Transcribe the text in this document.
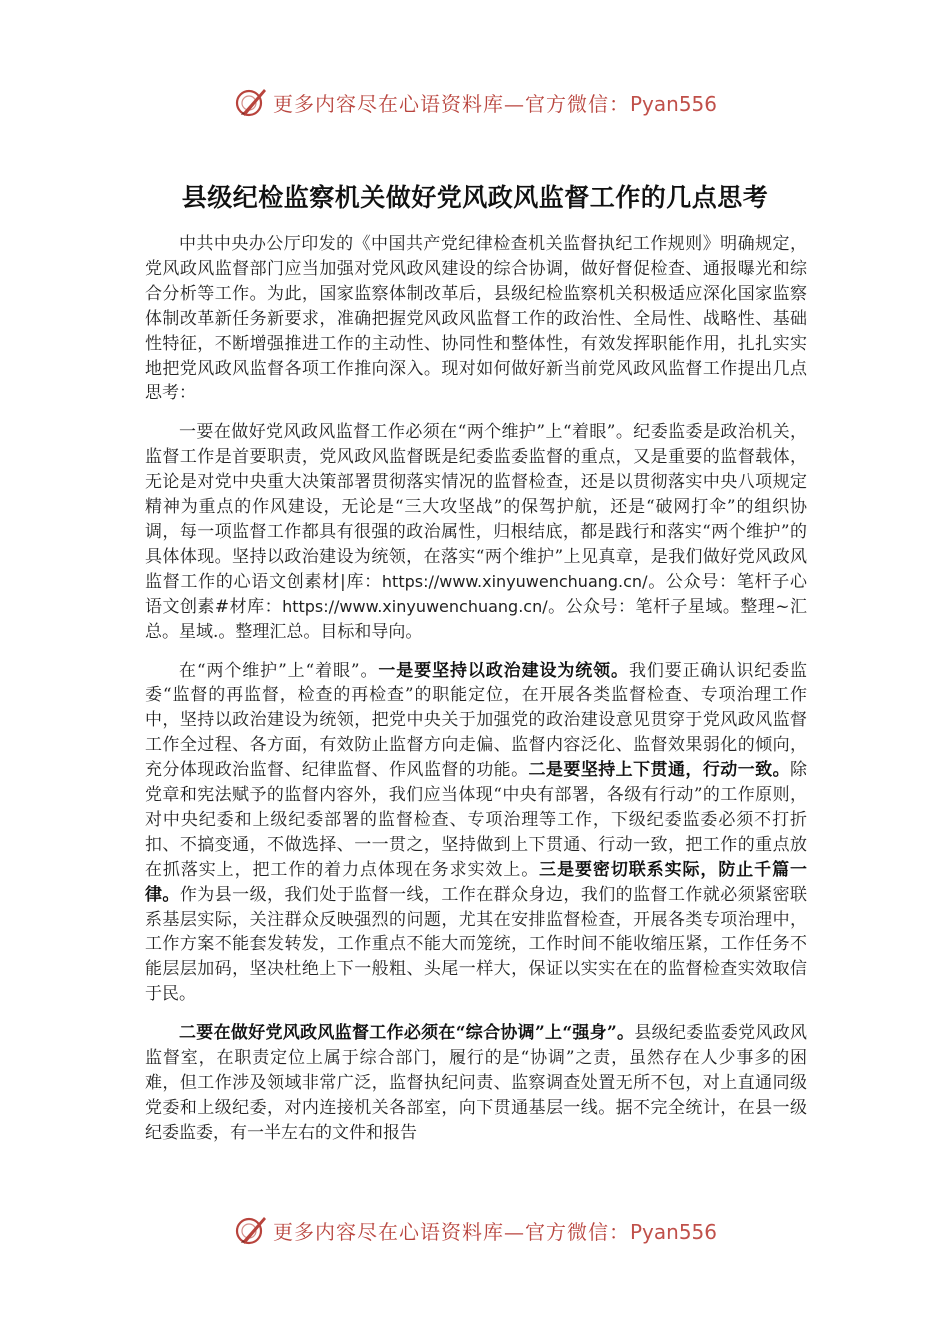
更多内容尽在心语资料库—官方微信：Pyan556
县级纪检监察机关做好党风政风监督工作的几点思考

中共中央办公厅印发的《中国共产党纪律检查机关监督执纪工作规则》明确规定，党风政风监督部门应当加强对党风政风建设的综合协调，做好督促检查、通报曝光和综合分析等工作。为此，国家监察体制改革后，县级纪检监察机关积极适应深化国家监察体制改革新任务新要求，准确把握党风政风监督工作的政治性、全局性、战略性、基础性特征，不断增强推进工作的主动性、协同性和整体性，有效发挥职能作用，扎扎实实地把党风政风监督各项工作推向深入。现对如何做好新当前党风政风监督工作提出几点思考：

一要在做好党风政风监督工作必须在“两个维护”上“着眼”。纪委监委是政治机关，监督工作是首要职责，党风政风监督既是纪委监委监督的重点，又是重要的监督载体，无论是对党中央重大决策部署贯彻落实情况的监督检查，还是以贯彻落实中央八项规定精神为重点的作风建设，无论是“三大攻坚战”的保驾护航，还是“破网打伞”的组织协调，每一项监督工作都具有很强的政治属性，归根结底，都是践行和落实“两个维护”的具体体现。坚持以政治建设为统领，在落实“两个维护”上见真章，是我们做好党风政风监督工作的心语文创素材|库：https://www.xinyuwenchuang.cn/。公众号：笔杆子心语文创素#材库：https://www.xinyuwenchuang.cn/。公众号：笔杆子星域。整理~汇总。星域.。整理汇总。目标和导向。

在“两个维护”上“着眼”。一是要坚持以政治建设为统领。我们要正确认识纪委监委“监督的再监督，检查的再检查”的职能定位，在开展各类监督检查、专项治理工作中，坚持以政治建设为统领，把党中央关于加强党的政治建设意见贯穿于党风政风监督工作全过程、各方面，有效防止监督方向走偏、监督内容泛化、监督效果弱化的倾向，充分体现政治监督、纪律监督、作风监督的功能。二是要坚持上下贯通，行动一致。除党章和宪法赋予的监督内容外，我们应当体现“中央有部署，各级有行动”的工作原则，对中央纪委和上级纪委部署的监督检查、专项治理等工作，下级纪委监委必须不打折扣、不搞变通，不做选择、一一贯之，坚持做到上下贯通、行动一致，把工作的重点放在抓落实上，把工作的着力点体现在务求实效上。三是要密切联系实际，防止千篇一律。作为县一级，我们处于监督一线，工作在群众身边，我们的监督工作就必须紧密联系基层实际，关注群众反映强烈的问题，尤其在安排监督检查，开展各类专项治理中，工作方案不能套发转发，工作重点不能大而笼统，工作时间不能收缩压紧，工作任务不能层层加码，坚决杜绝上下一般粗、头尾一样大，保证以实实在在的监督检查实效取信于民。

二要在做好党风政风监督工作必须在“综合协调”上“强身”。县级纪委监委党风政风监督室，在职责定位上属于综合部门，履行的是“协调”之责，虽然存在人少事多的困难，但工作涉及领域非常广泛，监督执纪问责、监察调查处置无所不包，对上直通同级党委和上级纪委，对内连接机关各部室，向下贯通基层一线。据不完全统计，在县一级纪委监委，有一半左右的文件和报告

更多内容尽在心语资料库—官方微信：Pyan556
